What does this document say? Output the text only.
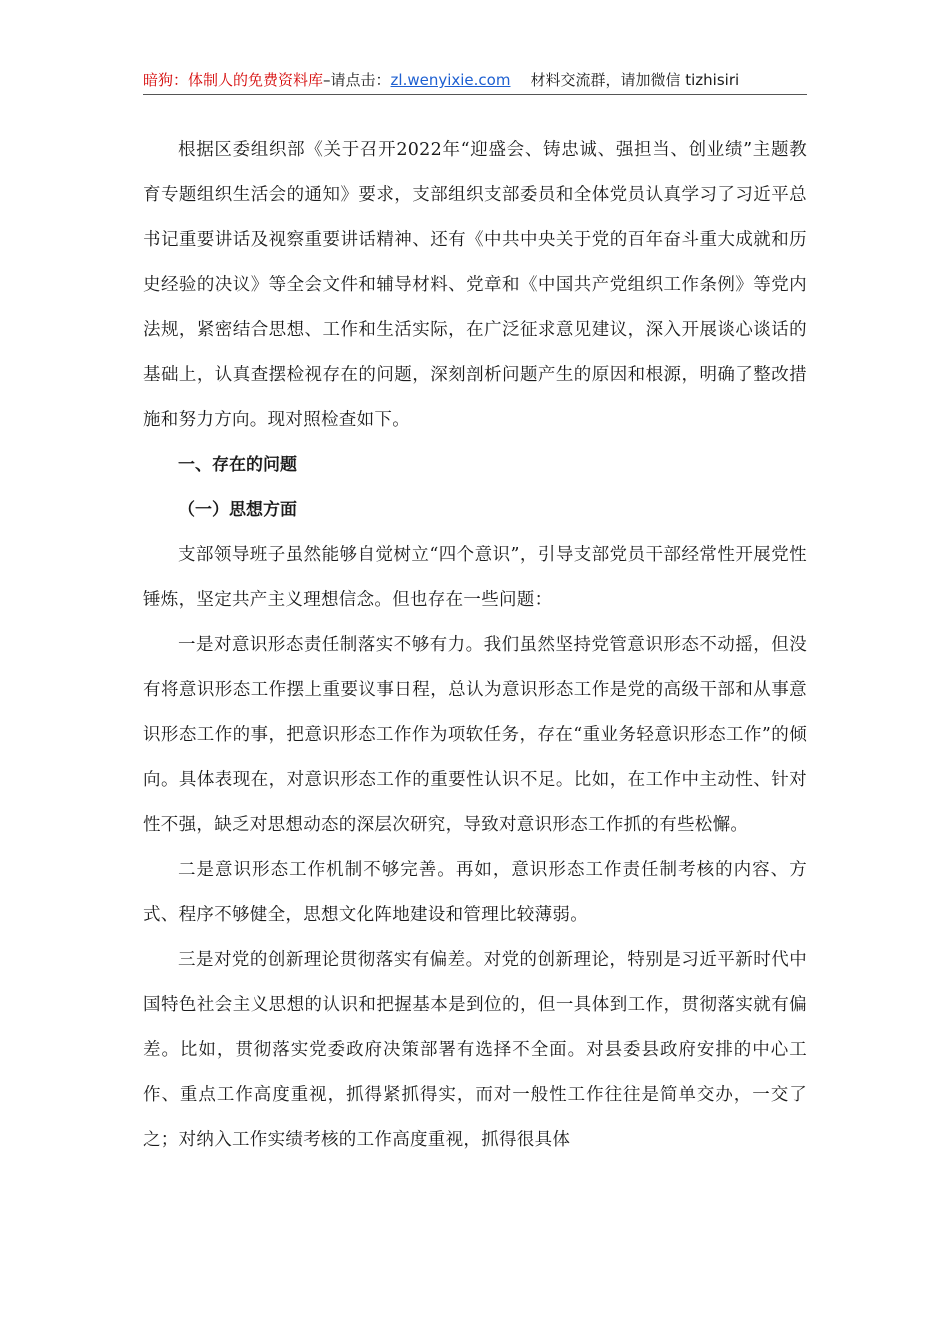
暗狗：体制人的免费资料库–请点击：zl.wenyixie.com 材料交流群，请加微信 tizhisiri

根据区委组织部《关于召开2022年“迎盛会、铸忠诚、强担当、创业绩”主题教育专题组织生活会的通知》要求，支部组织支部委员和全体党员认真学习了习近平总书记重要讲话及视察重要讲话精神、还有《中共中央关于党的百年奋斗重大成就和历史经验的决议》等全会文件和辅导材料、党章和《中国共产党组织工作条例》等党内法规，紧密结合思想、工作和生活实际，在广泛征求意见建议，深入开展谈心谈话的基础上，认真查摆检视存在的问题，深刻剖析问题产生的原因和根源，明确了整改措施和努力方向。现对照检查如下。

一、存在的问题

（一）思想方面

支部领导班子虽然能够自觉树立“四个意识”，引导支部党员干部经常性开展党性锤炼，坚定共产主义理想信念。但也存在一些问题：

一是对意识形态责任制落实不够有力。我们虽然坚持党管意识形态不动摇，但没有将意识形态工作摆上重要议事日程，总认为意识形态工作是党的高级干部和从事意识形态工作的事，把意识形态工作作为项软任务，存在“重业务轻意识形态工作”的倾向。具体表现在，对意识形态工作的重要性认识不足。比如，在工作中主动性、针对性不强，缺乏对思想动态的深层次研究，导致对意识形态工作抓的有些松懈。

二是意识形态工作机制不够完善。再如，意识形态工作责任制考核的内容、方式、程序不够健全，思想文化阵地建设和管理比较薄弱。

三是对党的创新理论贯彻落实有偏差。对党的创新理论，特别是习近平新时代中国特色社会主义思想的认识和把握基本是到位的，但一具体到工作，贯彻落实就有偏差。比如，贯彻落实党委政府决策部署有选择不全面。对县委县政府安排的中心工作、重点工作高度重视，抓得紧抓得实，而对一般性工作往往是简单交办，一交了之；对纳入工作实绩考核的工作高度重视，抓得很具体
